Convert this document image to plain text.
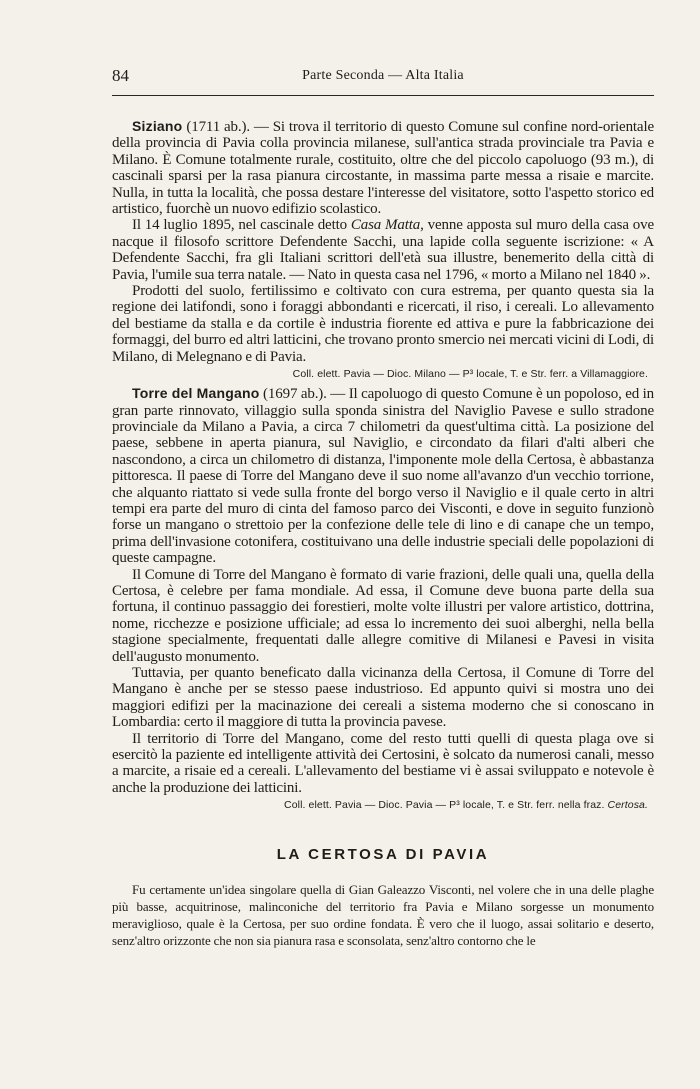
84	Parte Seconda — Alta Italia

Siziano (1711 ab.). — Si trova il territorio di questo Comune sul confine nord-orientale della provincia di Pavia colla provincia milanese, sull'antica strada provinciale tra Pavia e Milano. È Comune totalmente rurale, costituito, oltre che del piccolo capoluogo (93 m.), di cascinali sparsi per la rasa pianura circostante, in massima parte messa a risaie e marcite. Nulla, in tutta la località, che possa destare l'interesse del visitatore, sotto l'aspetto storico ed artistico, fuorchè un nuovo edifizio scolastico.

Il 14 luglio 1895, nel cascinale detto Casa Matta, venne apposta sul muro della casa ove nacque il filosofo scrittore Defendente Sacchi, una lapide colla seguente iscrizione: « A Defendente Sacchi, fra gli Italiani scrittori dell'età sua illustre, benemerito della città di Pavia, l'umile sua terra natale. — Nato in questa casa nel 1796, « morto a Milano nel 1840 ».

Prodotti del suolo, fertilissimo e coltivato con cura estrema, per quanto questa sia la regione dei latifondi, sono i foraggi abbondanti e ricercati, il riso, i cereali. Lo allevamento del bestiame da stalla e da cortile è industria fiorente ed attiva e pure la fabbricazione dei formaggi, del burro ed altri latticini, che trovano pronto smercio nei mercati vicini di Lodi, di Milano, di Melegnano e di Pavia.

Coll. elett. Pavia — Dioc. Milano — P³ locale, T. e Str. ferr. a Villamaggiore.

Torre del Mangano (1697 ab.). — Il capoluogo di questo Comune è un popoloso, ed in gran parte rinnovato, villaggio sulla sponda sinistra del Naviglio Pavese e sullo stradone provinciale da Milano a Pavia, a circa 7 chilometri da quest'ultima città. La posizione del paese, sebbene in aperta pianura, sul Naviglio, e circondato da filari d'alti alberi che nascondono, a circa un chilometro di distanza, l'imponente mole della Certosa, è abbastanza pittoresca. Il paese di Torre del Mangano deve il suo nome all'avanzo d'un vecchio torrione, che alquanto riattato si vede sulla fronte del borgo verso il Naviglio e il quale certo in altri tempi era parte del muro di cinta del famoso parco dei Visconti, e dove in seguito funzionò forse un mangano o strettoio per la confezione delle tele di lino e di canape che un tempo, prima dell'invasione cotonifera, costituivano una delle industrie speciali delle popolazioni di queste campagne.

Il Comune di Torre del Mangano è formato di varie frazioni, delle quali una, quella della Certosa, è celebre per fama mondiale. Ad essa, il Comune deve buona parte della sua fortuna, il continuo passaggio dei forestieri, molte volte illustri per valore artistico, dottrina, nome, ricchezze e posizione ufficiale; ad essa lo incremento dei suoi alberghi, nella bella stagione specialmente, frequentati dalle allegre comitive di Milanesi e Pavesi in visita dell'augusto monumento.

Tuttavia, per quanto beneficato dalla vicinanza della Certosa, il Comune di Torre del Mangano è anche per se stesso paese industrioso. Ed appunto quivi si mostra uno dei maggiori edifizi per la macinazione dei cereali a sistema moderno che si conoscano in Lombardia: certo il maggiore di tutta la provincia pavese.

Il territorio di Torre del Mangano, come del resto tutti quelli di questa plaga ove si esercitò la paziente ed intelligente attività dei Certosini, è solcato da numerosi canali, messo a marcite, a risaie ed a cereali. L'allevamento del bestiame vi è assai sviluppato e notevole è anche la produzione dei latticini.

Coll. elett. Pavia — Dioc. Pavia — P³ locale, T. e Str. ferr. nella fraz. Certosa.
LA CERTOSA DI PAVIA

Fu certamente un'idea singolare quella di Gian Galeazzo Visconti, nel volere che in una delle plaghe più basse, acquitrinose, malinconiche del territorio fra Pavia e Milano sorgesse un monumento meraviglioso, quale è la Certosa, per suo ordine fondata. È vero che il luogo, assai solitario e deserto, senz'altro orizzonte che non sia pianura rasa e sconsolata, senz'altro contorno che le
